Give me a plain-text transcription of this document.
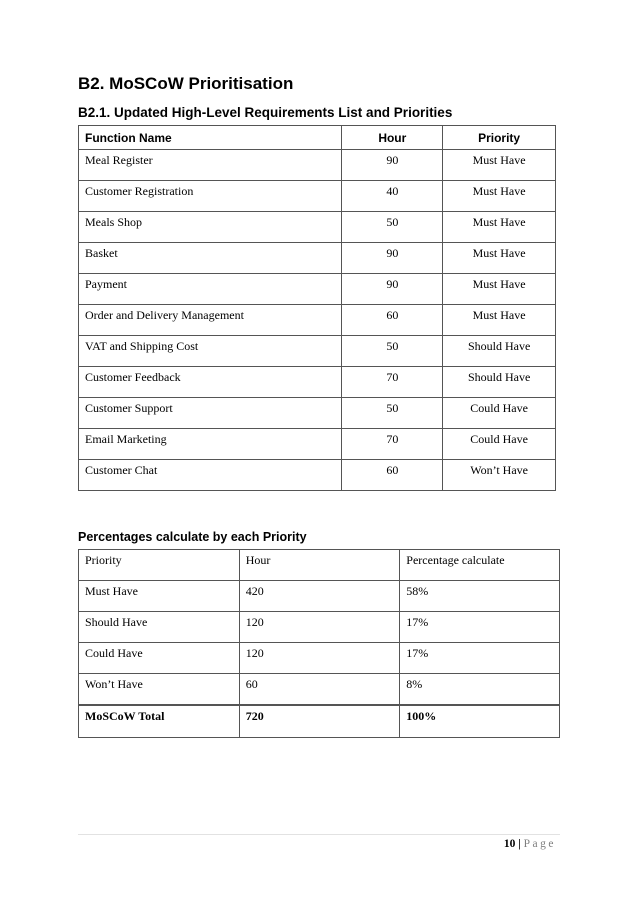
B2. MoSCoW Prioritisation
B2.1. Updated High-Level Requirements List and Priorities
Function Name	Hour	Priority
Meal Register	90	Must Have
Customer Registration	40	Must Have
Meals Shop	50	Must Have
Basket	90	Must Have
Payment	90	Must Have
Order and Delivery Management	60	Must Have
VAT and Shipping Cost	50	Should Have
Customer Feedback	70	Should Have
Customer Support	50	Could Have
Email Marketing	70	Could Have
Customer Chat	60	Won’t Have
Percentages calculate by each Priority
Priority	Hour	Percentage calculate
Must Have	420	58%
Should Have	120	17%
Could Have	120	17%
Won’t Have	60	8%
MoSCoW Total	720	100%
10 | Page
